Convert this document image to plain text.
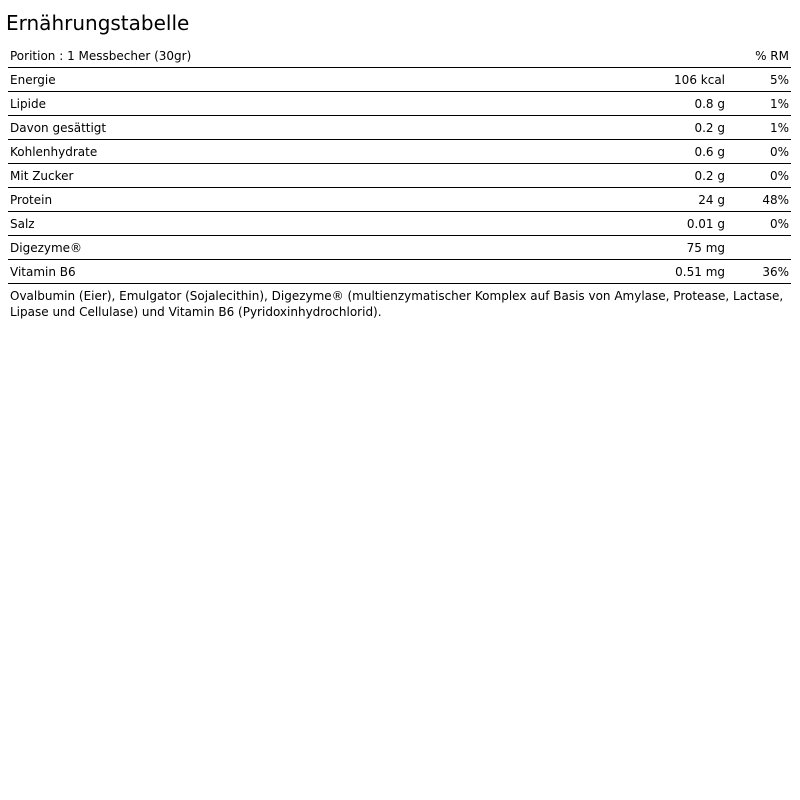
Ernährungstabelle
Porition : 1 Messbecher (30gr)		% RM
Energie	106 kcal	5%
Lipide	0.8 g	1%
Davon gesättigt	0.2 g	1%
Kohlenhydrate	0.6 g	0%
Mit Zucker	0.2 g	0%
Protein	24 g	48%
Salz	0.01 g	0%
Digezyme®	75 mg	
Vitamin B6	0.51 mg	36%

Ovalbumin (Eier), Emulgator (Sojalecithin), Digezyme® (multienzymatischer Komplex auf Basis von Amylase, Protease, Lactase, Lipase und Cellulase) und Vitamin B6 (Pyridoxinhydrochlorid).
